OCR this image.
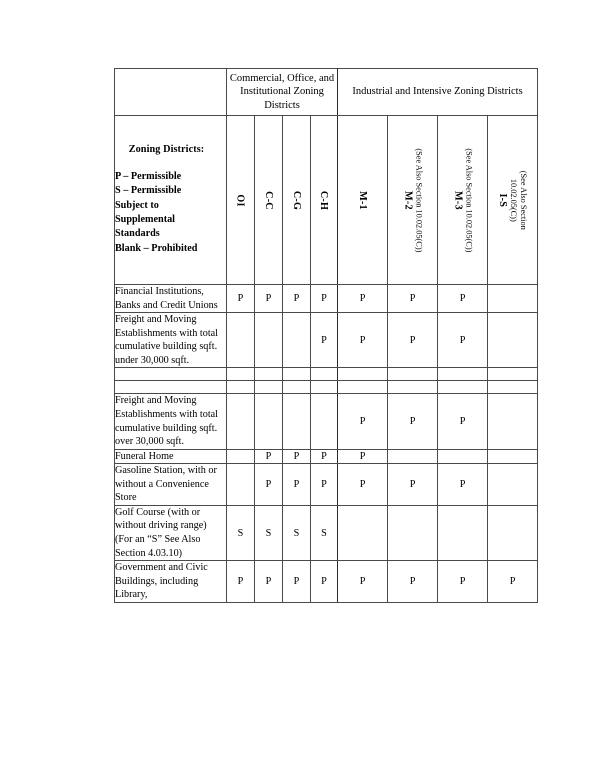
	Commercial, Office, and Institutional Zoning Districts				Industrial and Intensive Zoning Districts			

Zoning Districts:
P – Permissible
S – Permissible
Subject to
Supplemental
Standards
Blank – Prohibited

OI	C-C	C-G	C-H	M-1	M-2 (See Also Section 10.02.05(C))	M-3 (See Also Section 10.02.05(C))	I-S (See Also Section
10.02.05(C))

Financial Institutions, Banks and Credit Unions	P	P	P	P	P	P	P	

Freight and Moving Establishments with total cumulative building sqft. under 30,000 sqft.				P	P	P	P	

Freight and Moving Establishments with total cumulative building sqft. over 30,000 sqft.					P	P	P	

Funeral Home		P	P	P	P			

Gasoline Station, with or without a Convenience Store		P	P	P	P	P	P	

Golf Course (with or without driving range)
(For an “S” See Also Section 4.03.10)	S	S	S	S				

Government and Civic Buildings, including Library,	P	P	P	P	P	P	P	P
